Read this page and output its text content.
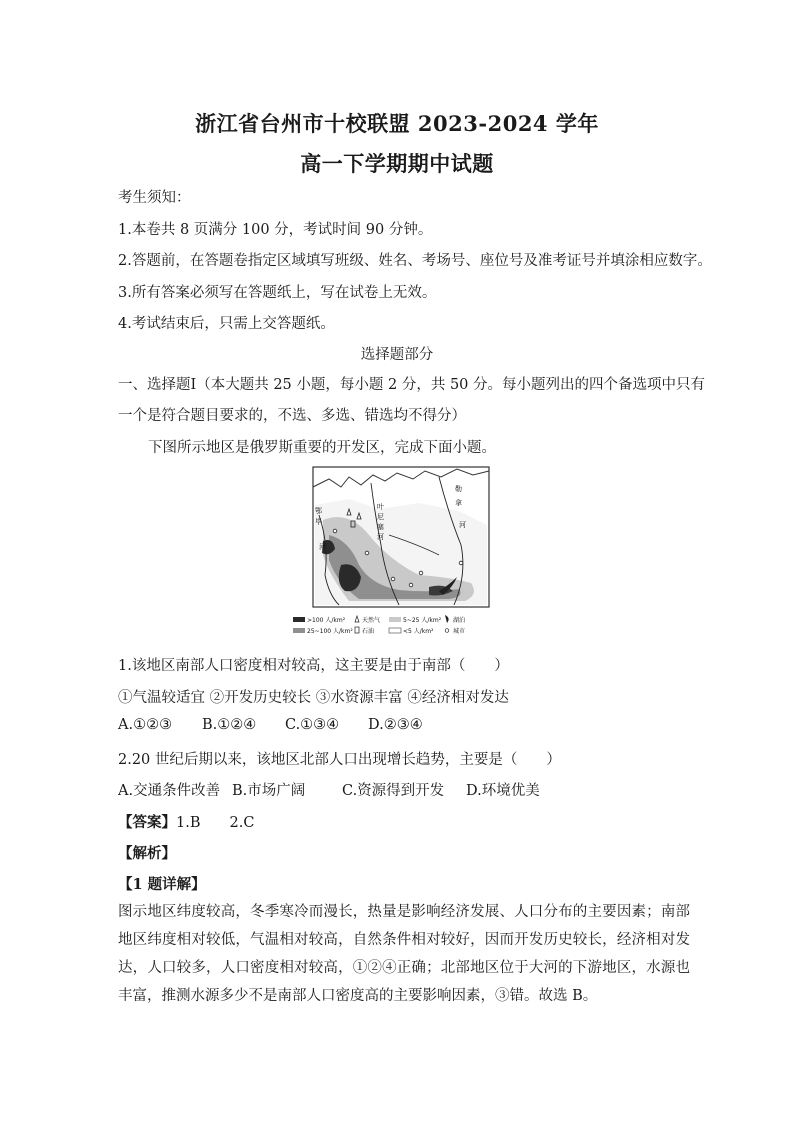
浙江省台州市十校联盟 2023-2024 学年
高一下学期期中试题
考生须知：
1.本卷共 8 页满分 100 分，考试时间 90 分钟。
2.答题前，在答题卷指定区域填写班级、姓名、考场号、座位号及准考证号并填涂相应数字。
3.所有答案必须写在答题纸上，写在试卷上无效。
4.考试结束后，只需上交答题纸。
选择题部分
一、选择题Ⅰ（本大题共 25 小题，每小题 2 分，共 50 分。每小题列出的四个备选项中只有
一个是符合题目要求的，不选、多选、错选均不得分）
下图所示地区是俄罗斯重要的开发区，完成下面小题。
鄂
毕
河
叶
尼
塞
河
勒
拿
河
>100 人/km²	天然气	5~25 人/km² 湖泊
25~100 人/km² 石油	<5 人/km²	城市
1.该地区南部人口密度相对较高，这主要是由于南部（　　）
①气温较适宜 ②开发历史较长 ③水资源丰富 ④经济相对发达
A.①②③	B.①②④	C.①③④	D.②③④
2.20 世纪后期以来，该地区北部人口出现增长趋势，主要是（　　）
A.交通条件改善 B.市场广阔	C.资源得到开发	D.环境优美
【答案】1.B　　2.C
【解析】
【1 题详解】
图示地区纬度较高，冬季寒冷而漫长，热量是影响经济发展、人口分布的主要因素；南部地区纬度相对较低，气温相对较高，自然条件相对较好，因而开发历史较长，经济相对发达，人口较多，人口密度相对较高，①②④正确；北部地区位于大河的下游地区，水源也丰富，推测水源多少不是南部人口密度高的主要影响因素，③错。故选 B。
